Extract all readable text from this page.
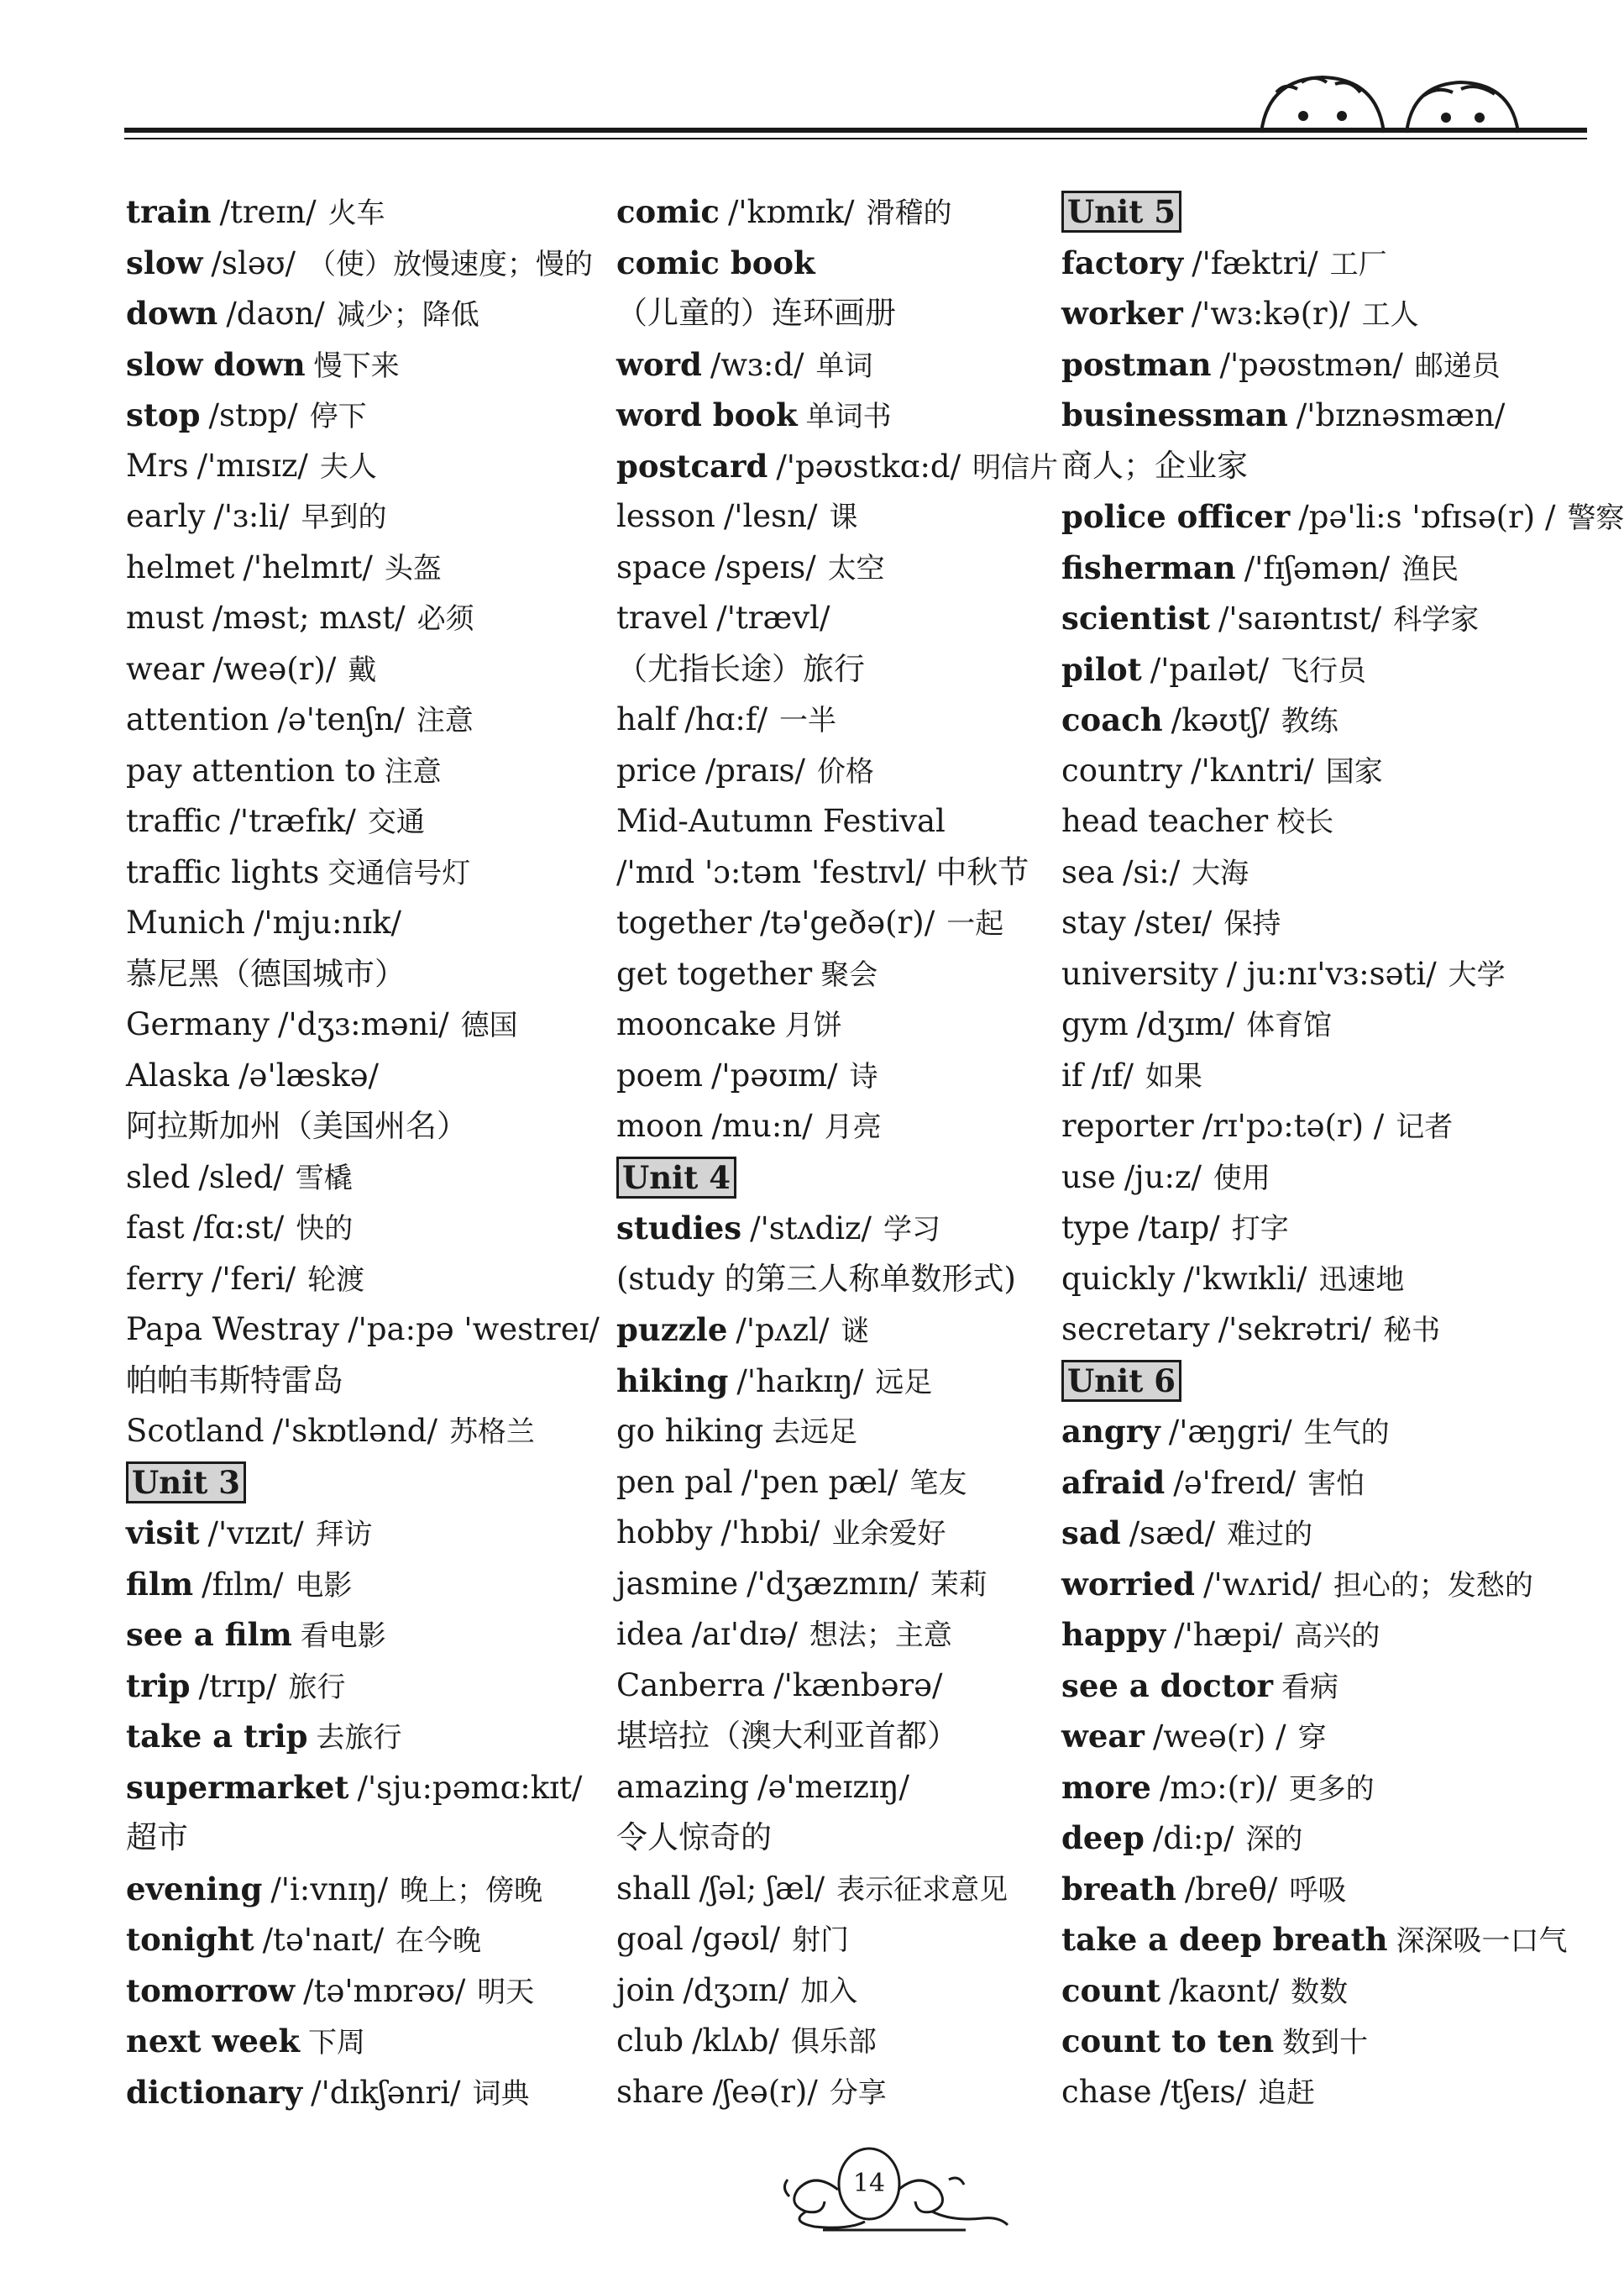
train /treɪn/ 火车
slow /sləʊ/ （使）放慢速度；慢的
down /daʊn/ 减少；降低
slow down 慢下来
stop /stɒp/ 停下
Mrs /'mɪsɪz/ 夫人
early /'ɜ:li/ 早到的
helmet /'helmɪt/ 头盔
must /məst; mʌst/ 必须
wear /weə(r)/ 戴
attention /ə'tenʃn/ 注意
pay attention to 注意
traffic /'træfɪk/ 交通
traffic lights 交通信号灯
Munich /'mju:nɪk/
慕尼黑（德国城市）
Germany /'dʒɜ:məni/ 德国
Alaska /ə'læskə/
阿拉斯加州（美国州名）
sled /sled/ 雪橇
fast /fɑ:st/ 快的
ferry /'feri/ 轮渡
Papa Westray /'pa:pə 'westreɪ/
帕帕韦斯特雷岛
Scotland /'skɒtlənd/ 苏格兰
Unit 3
visit /'vɪzɪt/ 拜访
film /fɪlm/ 电影
see a film 看电影
trip /trɪp/ 旅行
take a trip 去旅行
supermarket /'sju:pəmɑ:kɪt/
超市
evening /'i:vnɪŋ/ 晚上；傍晚
tonight /tə'naɪt/ 在今晚
tomorrow /tə'mɒrəʊ/ 明天
next week 下周
dictionary /'dɪkʃənri/ 词典
comic /'kɒmɪk/ 滑稽的
comic book
（儿童的）连环画册
word /wɜ:d/ 单词
word book 单词书
postcard /'pəʊstkɑ:d/ 明信片
lesson /'lesn/ 课
space /speɪs/ 太空
travel /'trævl/
（尤指长途）旅行
half /hɑ:f/ 一半
price /praɪs/ 价格
Mid-Autumn Festival
/'mɪd 'ɔ:təm 'festɪvl/ 中秋节
together /tə'geðə(r)/ 一起
get together 聚会
mooncake 月饼
poem /'pəʊɪm/ 诗
moon /mu:n/ 月亮
Unit 4
studies /'stʌdiz/ 学习
(study 的第三人称单数形式)
puzzle /'pʌzl/ 谜
hiking /'haɪkɪŋ/ 远足
go hiking 去远足
pen pal /'pen pæl/ 笔友
hobby /'hɒbi/ 业余爱好
jasmine /'dʒæzmɪn/ 茉莉
idea /aɪ'dɪə/ 想法；主意
Canberra /'kænbərə/
堪培拉（澳大利亚首都）
amazing /ə'meɪzɪŋ/
令人惊奇的
shall /ʃəl; ʃæl/ 表示征求意见
goal /gəʊl/ 射门
join /dʒɔɪn/ 加入
club /klʌb/ 俱乐部
share /ʃeə(r)/ 分享
Unit 5
factory /'fæktri/ 工厂
worker /'wɜ:kə(r)/ 工人
postman /'pəʊstmən/ 邮递员
businessman /'bɪznəsmæn/
商人；企业家
police officer /pə'li:s 'ɒfɪsə(r) / 警察
fisherman /'fɪʃəmən/ 渔民
scientist /'saɪəntɪst/ 科学家
pilot /'paɪlət/ 飞行员
coach /kəʊtʃ/ 教练
country /'kʌntri/ 国家
head teacher 校长
sea /si:/ 大海
stay /steɪ/ 保持
university / ju:nɪ'vɜ:səti/ 大学
gym /dʒɪm/ 体育馆
if /ɪf/ 如果
reporter /rɪ'pɔ:tə(r) / 记者
use /ju:z/ 使用
type /taɪp/ 打字
quickly /'kwɪkli/ 迅速地
secretary /'sekrətri/ 秘书
Unit 6
angry /'æŋgri/ 生气的
afraid /ə'freɪd/ 害怕
sad /sæd/ 难过的
worried /'wʌrid/ 担心的；发愁的
happy /'hæpi/ 高兴的
see a doctor 看病
wear /weə(r) / 穿
more /mɔ:(r)/ 更多的
deep /di:p/ 深的
breath /breθ/ 呼吸
take a deep breath 深深吸一口气
count /kaʊnt/ 数数
count to ten 数到十
chase /tʃeɪs/ 追赶
14
